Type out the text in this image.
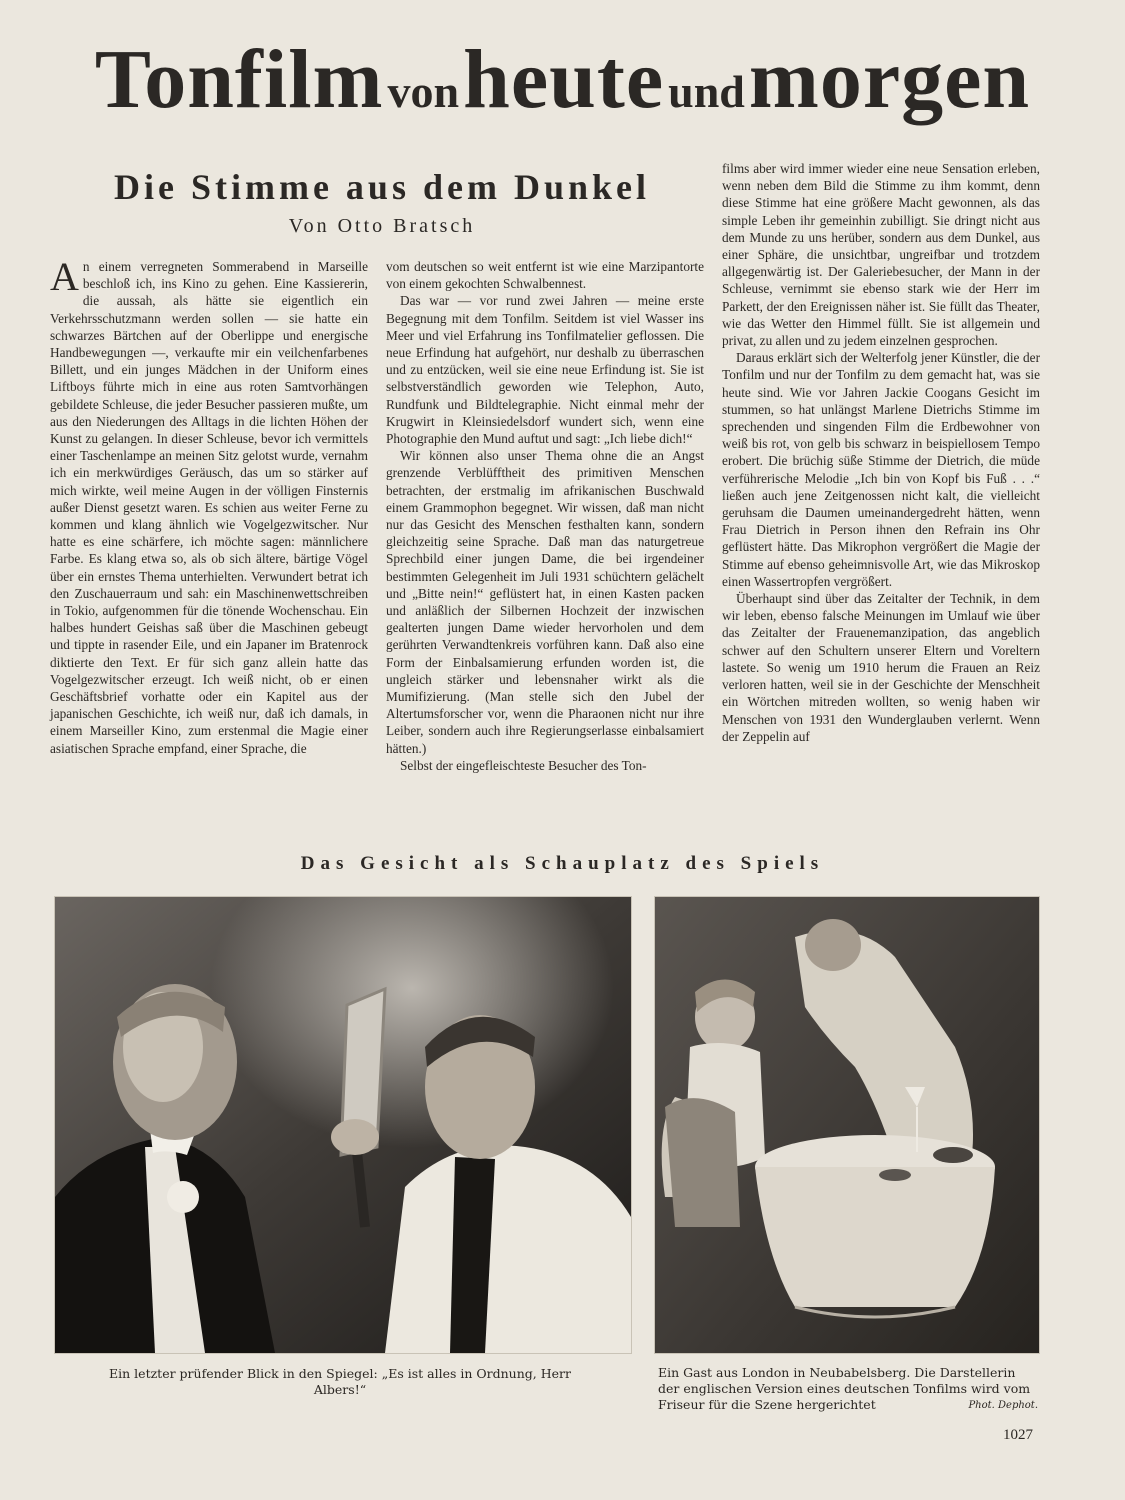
Tonfilm von heute und morgen
Die Stimme aus dem Dunkel
Von Otto Bratsch

An einem verregneten Sommerabend in Marseille beschloß ich, ins Kino zu gehen. Eine Kassiererin, die aussah, als hätte sie eigentlich ein Verkehrsschutzmann werden sollen — sie hatte ein schwarzes Bärtchen auf der Oberlippe und energische Handbewegungen —, verkaufte mir ein veilchenfarbenes Billett, und ein junges Mädchen in der Uniform eines Liftboys führte mich in eine aus roten Samtvorhängen gebildete Schleuse, die jeder Besucher passieren mußte, um aus den Niederungen des Alltags in die lichten Höhen der Kunst zu gelangen. In dieser Schleuse, bevor ich vermittels einer Taschenlampe an meinen Sitz gelotst wurde, vernahm ich ein merkwürdiges Geräusch, das um so stärker auf mich wirkte, weil meine Augen in der völligen Finsternis außer Dienst gesetzt waren. Es schien aus weiter Ferne zu kommen und klang ähnlich wie Vogelgezwitscher. Nur hatte es eine schärfere, ich möchte sagen: männlichere Farbe. Es klang etwa so, als ob sich ältere, bärtige Vögel über ein ernstes Thema unterhielten. Verwundert betrat ich den Zuschauerraum und sah: ein Maschinenwettschreiben in Tokio, aufgenommen für die tönende Wochenschau. Ein halbes hundert Geishas saß über die Maschinen gebeugt und tippte in rasender Eile, und ein Japaner im Bratenrock diktierte den Text. Er für sich ganz allein hatte das Vogelgezwitscher erzeugt. Ich weiß nicht, ob er einen Geschäftsbrief vorhatte oder ein Kapitel aus der japanischen Geschichte, ich weiß nur, daß ich damals, in einem Marseiller Kino, zum erstenmal die Magie einer asiatischen Sprache empfand, einer Sprache, die

vom deutschen so weit entfernt ist wie eine Marzipantorte von einem gekochten Schwalbennest.

Das war — vor rund zwei Jahren — meine erste Begegnung mit dem Tonfilm. Seitdem ist viel Wasser ins Meer und viel Erfahrung ins Tonfilmatelier geflossen. Die neue Erfindung hat aufgehört, nur deshalb zu überraschen und zu entzücken, weil sie eine neue Erfindung ist. Sie ist selbstverständlich geworden wie Telephon, Auto, Rundfunk und Bildtelegraphie. Nicht einmal mehr der Krugwirt in Kleinsiedelsdorf wundert sich, wenn eine Photographie den Mund auftut und sagt: „Ich liebe dich!“

Wir können also unser Thema ohne die an Angst grenzende Verblüfftheit des primitiven Menschen betrachten, der erstmalig im afrikanischen Buschwald einem Grammophon begegnet. Wir wissen, daß man nicht nur das Gesicht des Menschen festhalten kann, sondern gleichzeitig seine Sprache. Daß man das naturgetreue Sprechbild einer jungen Dame, die bei irgendeiner bestimmten Gelegenheit im Juli 1931 schüchtern gelächelt und „Bitte nein!“ geflüstert hat, in einen Kasten packen und anläßlich der Silbernen Hochzeit der inzwischen gealterten jungen Dame wieder hervorholen und dem gerührten Verwandtenkreis vorführen kann. Daß also eine Form der Einbalsamierung erfunden worden ist, die ungleich stärker und lebensnaher wirkt als die Mumifizierung. (Man stelle sich den Jubel der Altertumsforscher vor, wenn die Pharaonen nicht nur ihre Leiber, sondern auch ihre Regierungserlasse einbalsamiert hätten.)

Selbst der eingefleischteste Besucher des Ton-

films aber wird immer wieder eine neue Sensation erleben, wenn neben dem Bild die Stimme zu ihm kommt, denn diese Stimme hat eine größere Macht gewonnen, als das simple Leben ihr gemeinhin zubilligt. Sie dringt nicht aus dem Munde zu uns herüber, sondern aus dem Dunkel, aus einer Sphäre, die unsichtbar, ungreifbar und trotzdem allgegenwärtig ist. Der Galeriebesucher, der Mann in der Schleuse, vernimmt sie ebenso stark wie der Herr im Parkett, der den Ereignissen näher ist. Sie füllt das Theater, wie das Wetter den Himmel füllt. Sie ist allgemein und privat, zu allen und zu jedem einzelnen gesprochen.

Daraus erklärt sich der Welterfolg jener Künstler, die der Tonfilm und nur der Tonfilm zu dem gemacht hat, was sie heute sind. Wie vor Jahren Jackie Coogans Gesicht im stummen, so hat unlängst Marlene Dietrichs Stimme im sprechenden und singenden Film die Erdbewohner von weiß bis rot, von gelb bis schwarz in beispiellosem Tempo erobert. Die brüchig süße Stimme der Dietrich, die müde verführerische Melodie „Ich bin von Kopf bis Fuß . . .“ ließen auch jene Zeitgenossen nicht kalt, die vielleicht geruhsam die Daumen umeinandergedreht hätten, wenn Frau Dietrich in Person ihnen den Refrain ins Ohr geflüstert hätte. Das Mikrophon vergrößert die Magie der Stimme auf ebenso geheimnisvolle Art, wie das Mikroskop einen Wassertropfen vergrößert.

Überhaupt sind über das Zeitalter der Technik, in dem wir leben, ebenso falsche Meinungen im Umlauf wie über das Zeitalter der Frauenemanzipation, das angeblich schwer auf den Schultern unserer Eltern und Voreltern lastete. So wenig um 1910 herum die Frauen an Reiz verloren hatten, weil sie in der Geschichte der Menschheit ein Wörtchen mitreden wollten, so wenig haben wir Menschen von 1931 den Wunderglauben verlernt. Wenn der Zeppelin auf

Das Gesicht als Schauplatz des Spiels
Ein letzter prüfender Blick in den Spiegel: „Es ist alles in Ordnung, Herr Albers!“
Ein Gast aus London in Neubabelsberg. Die Darstellerin der englischen Version eines deutschen Tonfilms wird vom Friseur für die Szene hergerichtet	Phot. Dephot.
1027
